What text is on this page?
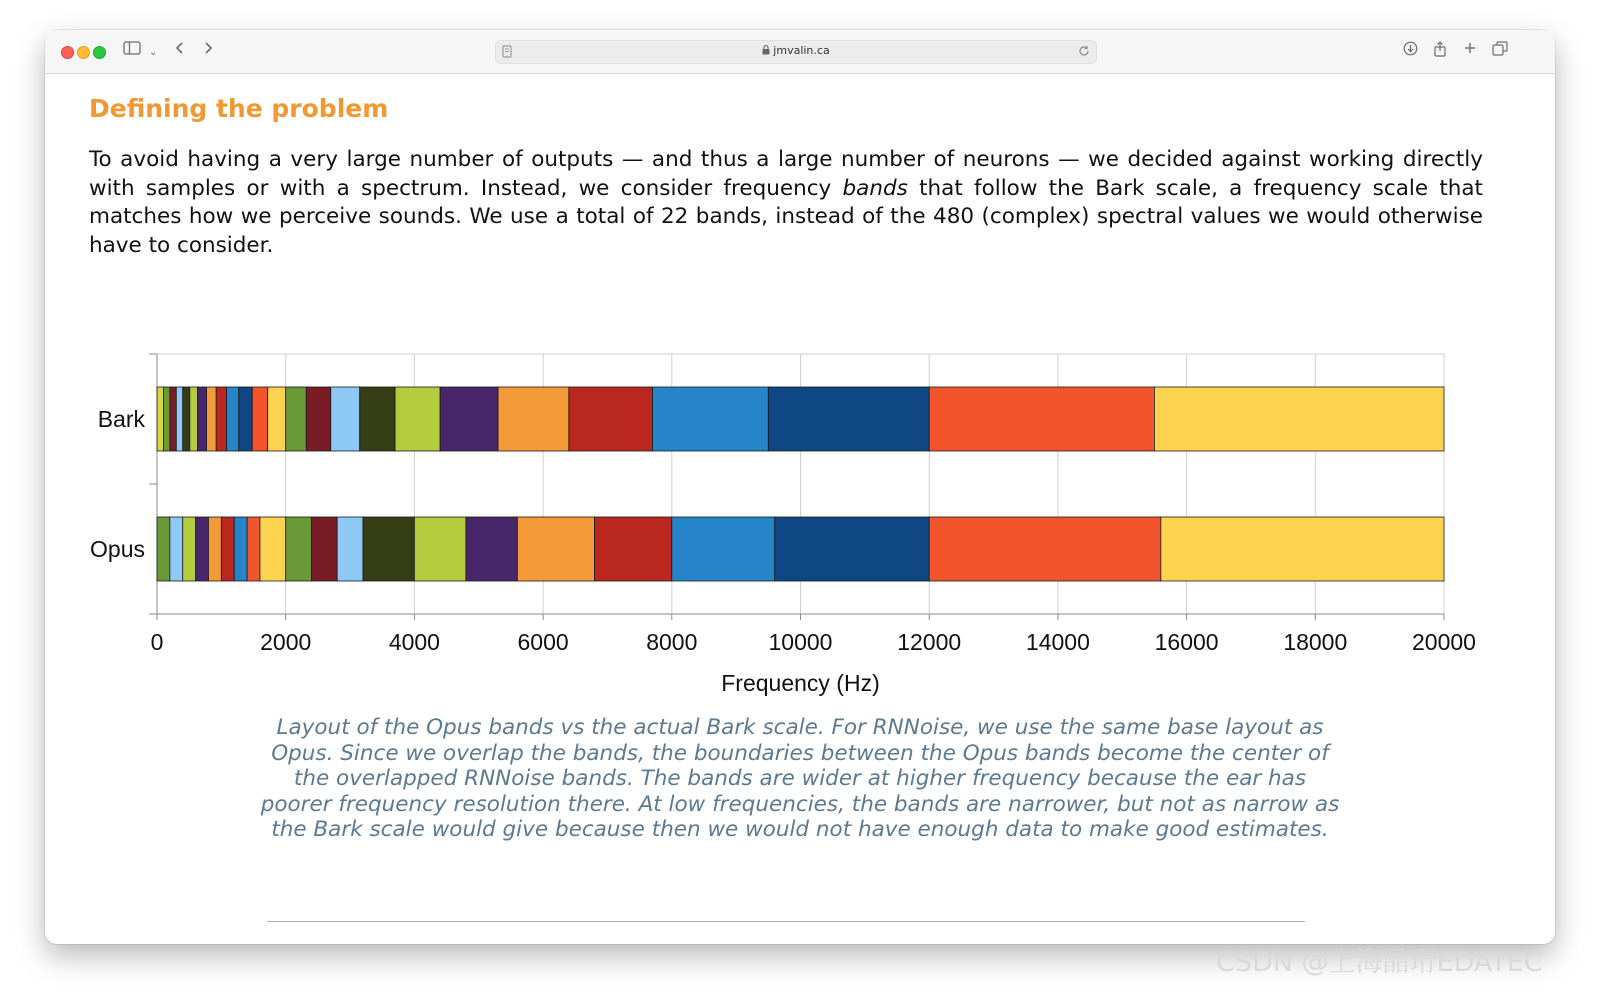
⌄	jmvalin.ca
Defining the problem

To avoid having a very large number of outputs — and thus a large number of neurons — we decided against working directly with samples or with a spectrum. Instead, we consider frequency bands that follow the Bark scale, a frequency scale that matches how we perceive sounds. We use a total of 22 bands, instead of the 480 (complex) spectral values we would otherwise have to consider.

Bark
Opus
0	2000	4000	6000	8000	10000	12000	14000	16000	18000	20000
Frequency (Hz)

Layout of the Opus bands vs the actual Bark scale. For RNNoise, we use the same base layout as Opus. Since we overlap the bands, the boundaries between the Opus bands become the center of the overlapped RNNoise bands. The bands are wider at higher frequency because the ear has poorer frequency resolution there. At low frequencies, the bands are narrower, but not as narrow as the Bark scale would give because then we would not have enough data to make good estimates.

CSDN @上海晶珩EDATEC
